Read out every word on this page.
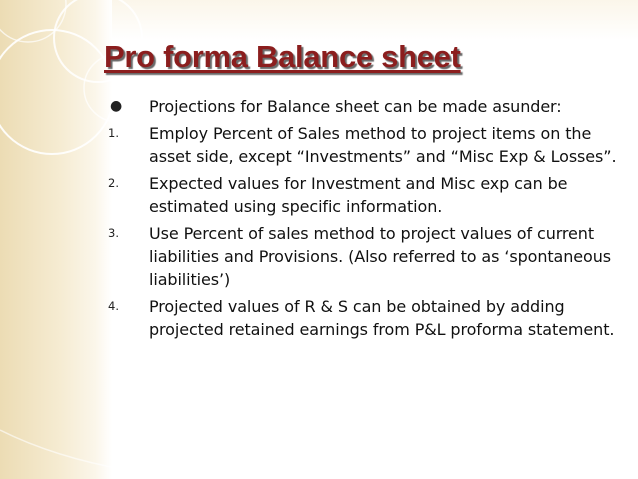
Pro forma Balance sheet
● Projections for Balance sheet can be made asunder:
1. Employ Percent of Sales method to project items on the asset side, except “Investments” and “Misc Exp & Losses”.
2. Expected values for Investment and Misc exp can be estimated using specific information.
3. Use Percent of sales method to project values of current liabilities and Provisions. (Also referred to as ‘spontaneous liabilities’)
4. Projected values of R & S can be obtained by adding projected retained earnings from P&L proforma statement.
